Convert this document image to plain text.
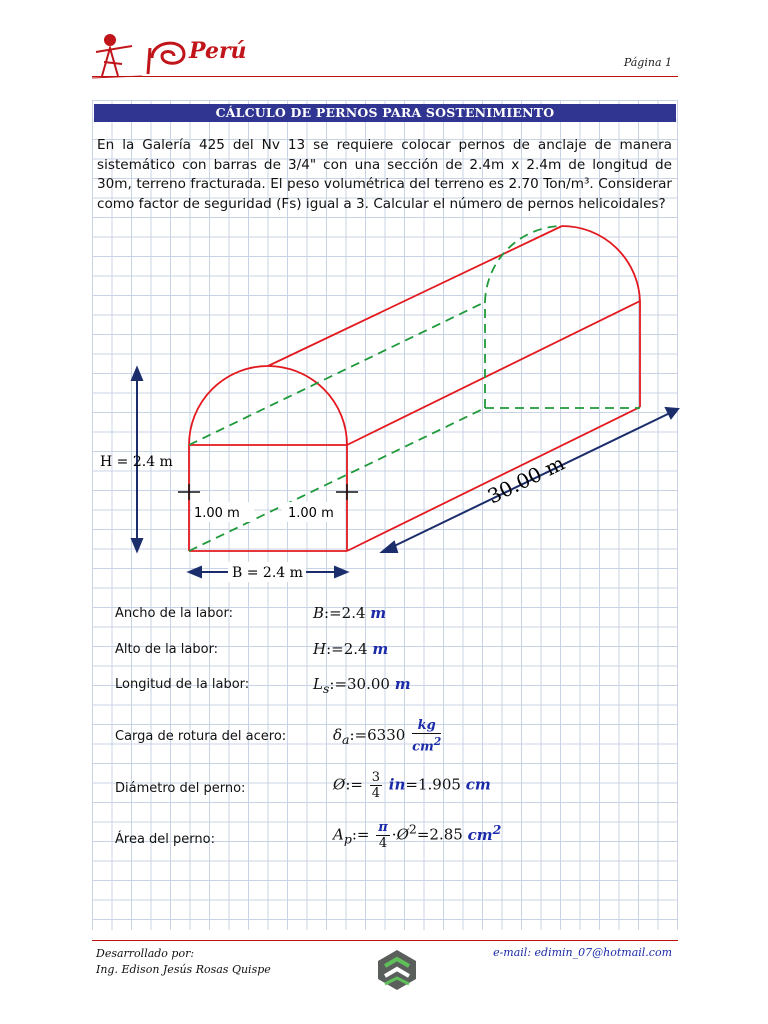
Perú	Página 1
CÁLCULO DE PERNOS PARA SOSTENIMIENTO
En la Galería 425 del Nv 13 se requiere colocar pernos de anclaje de manera sistemático con barras de 3/4" con una sección de 2.4m x 2.4m de longitud de 30m, terreno fracturada. El peso volumétrica del terreno es 2.70 Ton/m³. Considerar como factor de seguridad (Fs) igual a 3. Calcular el número de pernos helicoidales?
H = 2.4 m
B = 2.4 m
1.00 m	1.00 m
30.00 m
Ancho de la labor:	B:=2.4 m
Alto de la labor:	H:=2.4 m
Longitud de la labor:	$L_s:=30.00$ m
Carga de rotura del acero:	$\delta_a:=6330 \frac{kg}{cm^2}$
Diámetro del perno:	Ø:= $\frac{3}{4} in=1.905$ cm
Área del perno:	$A_p:= \frac{\pi}{4}$ $\cdot Ø^2=2.85$ $cm^2$
Desarrollado por:
Ing. Edison Jesús Rosas Quispe
e-mail: edimin_07@hotmail.com
